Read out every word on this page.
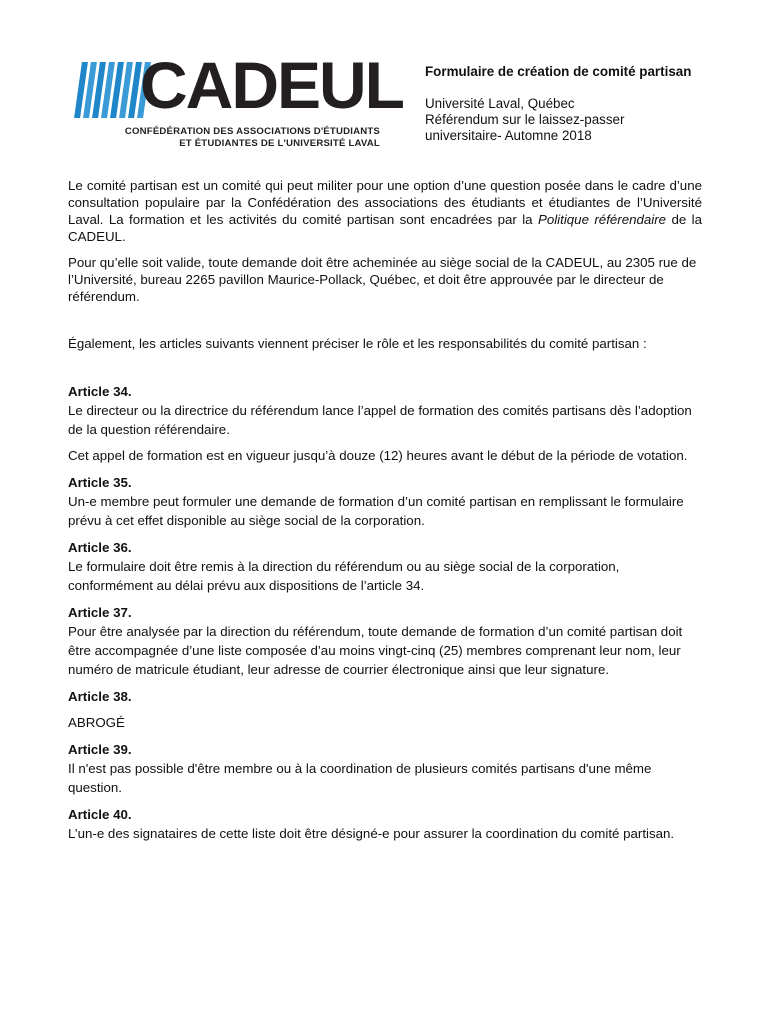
CADEUL
CONFÉDÉRATION DES ASSOCIATIONS D'ÉTUDIANTS
ET ÉTUDIANTES DE L'UNIVERSITÉ LAVAL
Formulaire de création de comité partisan
Université Laval, Québec
Référendum sur le laissez-passer
universitaire- Automne 2018

Le comité partisan est un comité qui peut militer pour une option d’une question posée dans le cadre d’une consultation populaire par la Confédération des associations des étudiants et étudiantes de l’Université Laval. La formation et les activités du comité partisan sont encadrées par la Politique référendaire de la CADEUL.

Pour qu’elle soit valide, toute demande doit être acheminée au siège social de la CADEUL, au 2305 rue de l’Université, bureau 2265 pavillon Maurice-Pollack, Québec, et doit être approuvée par le directeur de référendum.

Également, les articles suivants viennent préciser le rôle et les responsabilités du comité partisan :

Article 34.

Le directeur ou la directrice du référendum lance l’appel de formation des comités partisans dès l’adoption de la question référendaire.

Cet appel de formation est en vigueur jusqu’à douze (12) heures avant le début de la période de votation.

Article 35.

Un-e membre peut formuler une demande de formation d’un comité partisan en remplissant le formulaire prévu à cet effet disponible au siège social de la corporation.

Article 36.

Le formulaire doit être remis à la direction du référendum ou au siège social de la corporation, conformément au délai prévu aux dispositions de l’article 34.

Article 37.

Pour être analysée par la direction du référendum, toute demande de formation d’un comité partisan doit être accompagnée d’une liste composée d’au moins vingt-cinq (25) membres comprenant leur nom, leur numéro de matricule étudiant, leur adresse de courrier électronique ainsi que leur signature.

Article 38.

ABROGÉ

Article 39.

Il n'est pas possible d'être membre ou à la coordination de plusieurs comités partisans d'une même question.

Article 40.

L’un-e des signataires de cette liste doit être désigné-e pour assurer la coordination du comité partisan.
